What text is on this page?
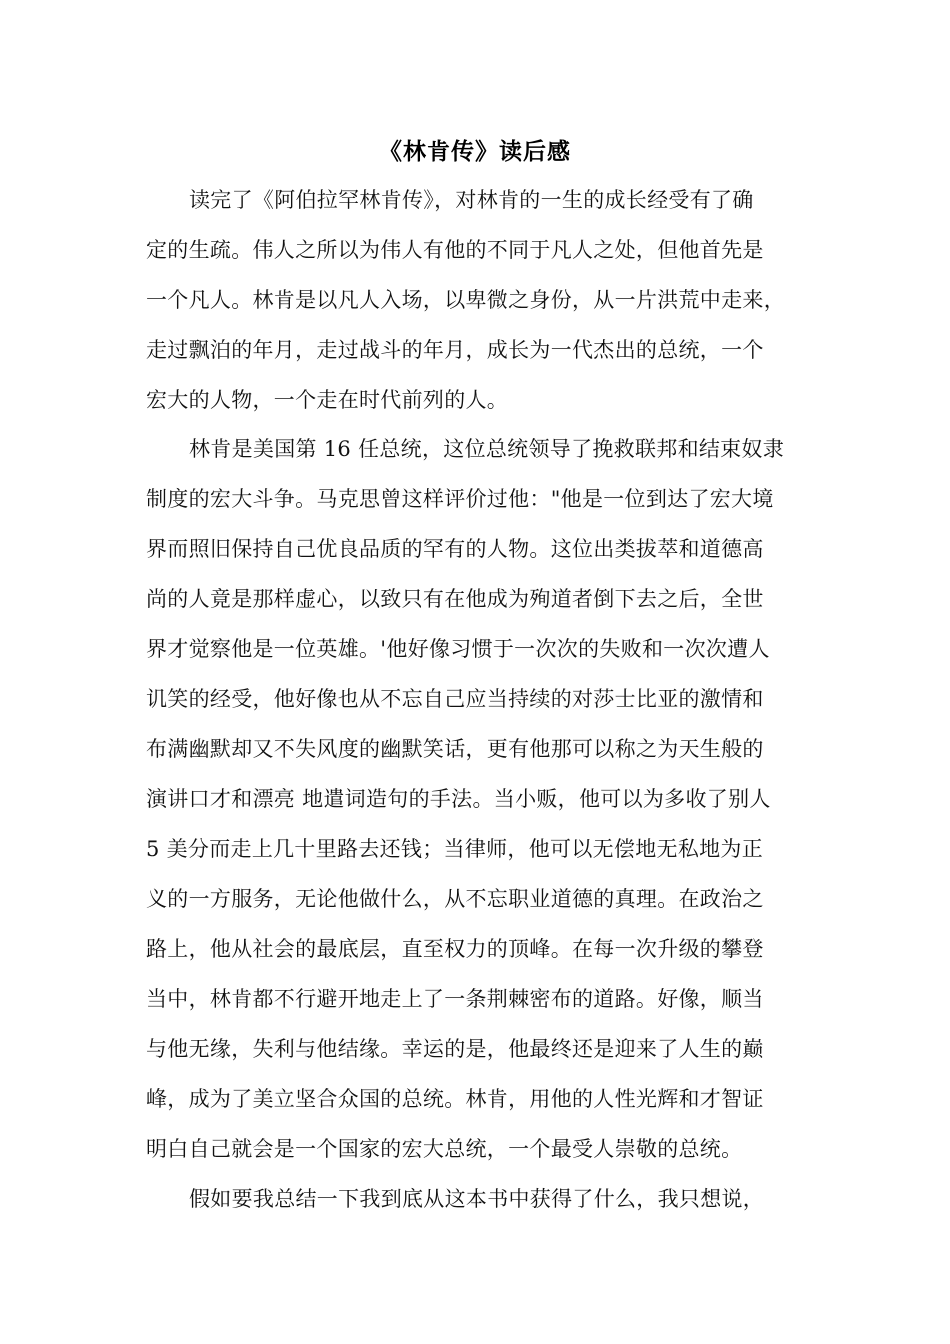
《林肯传》读后感
读完了《阿伯拉罕林肯传》，对林肯的一生的成长经受有了确
定的生疏。伟人之所以为伟人有他的不同于凡人之处，但他首先是
一个凡人。林肯是以凡人入场，以卑微之身份，从一片洪荒中走来，
走过飘泊的年月，走过战斗的年月，成长为一代杰出的总统，一个
宏大的人物，一个走在时代前列的人。
林肯是美国第 16 任总统，这位总统领导了挽救联邦和结束奴隶
制度的宏大斗争。马克思曾这样评价过他："他是一位到达了宏大境
界而照旧保持自己优良品质的罕有的人物。这位出类拔萃和道德高
尚的人竟是那样虚心，以致只有在他成为殉道者倒下去之后，全世
界才觉察他是一位英雄。'他好像习惯于一次次的失败和一次次遭人
讥笑的经受，他好像也从不忘自己应当持续的对莎士比亚的激情和
布满幽默却又不失风度的幽默笑话，更有他那可以称之为天生般的
演讲口才和漂亮 地遣词造句的手法。当小贩，他可以为多收了别人
5 美分而走上几十里路去还钱；当律师，他可以无偿地无私地为正
义的一方服务，无论他做什么，从不忘职业道德的真理。在政治之
路上，他从社会的最底层，直至权力的顶峰。在每一次升级的攀登
当中，林肯都不行避开地走上了一条荆棘密布的道路。好像，顺当
与他无缘，失利与他结缘。幸运的是，他最终还是迎来了人生的巅
峰，成为了美立坚合众国的总统。林肯，用他的人性光辉和才智证
明白自己就会是一个国家的宏大总统，一个最受人崇敬的总统。
假如要我总结一下我到底从这本书中获得了什么，我只想说，
